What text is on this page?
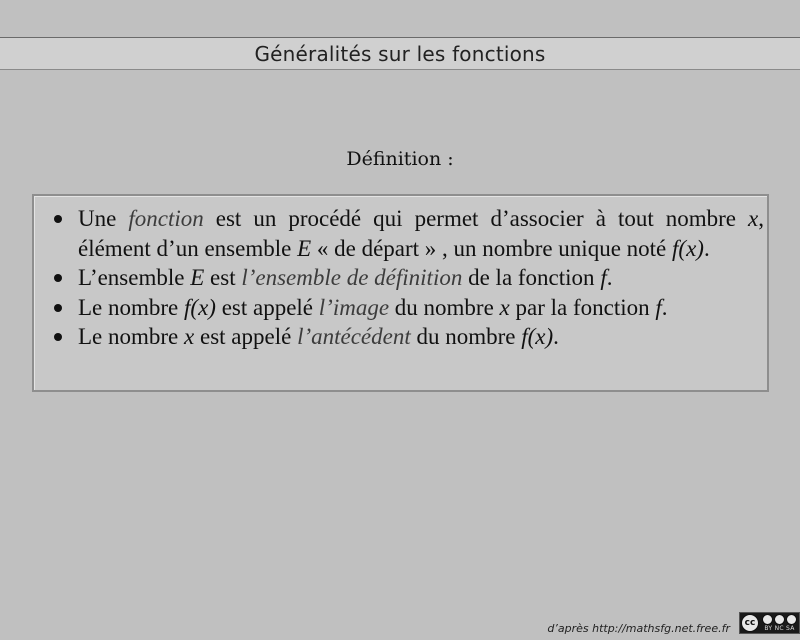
Généralités sur les fonctions
Définition :
Une fonction est un procédé qui permet d’associer à tout nombre x, élément d’un ensemble E « de départ » , un nombre unique noté f(x).
L’ensemble E est l’ensemble de définition de la fonction f.
Le nombre f(x) est appelé l’image du nombre x par la fonction f.
Le nombre x est appelé l’antécédent du nombre f(x).
d’après http://mathsfg.net.free.fr	cc
BY NC SA
